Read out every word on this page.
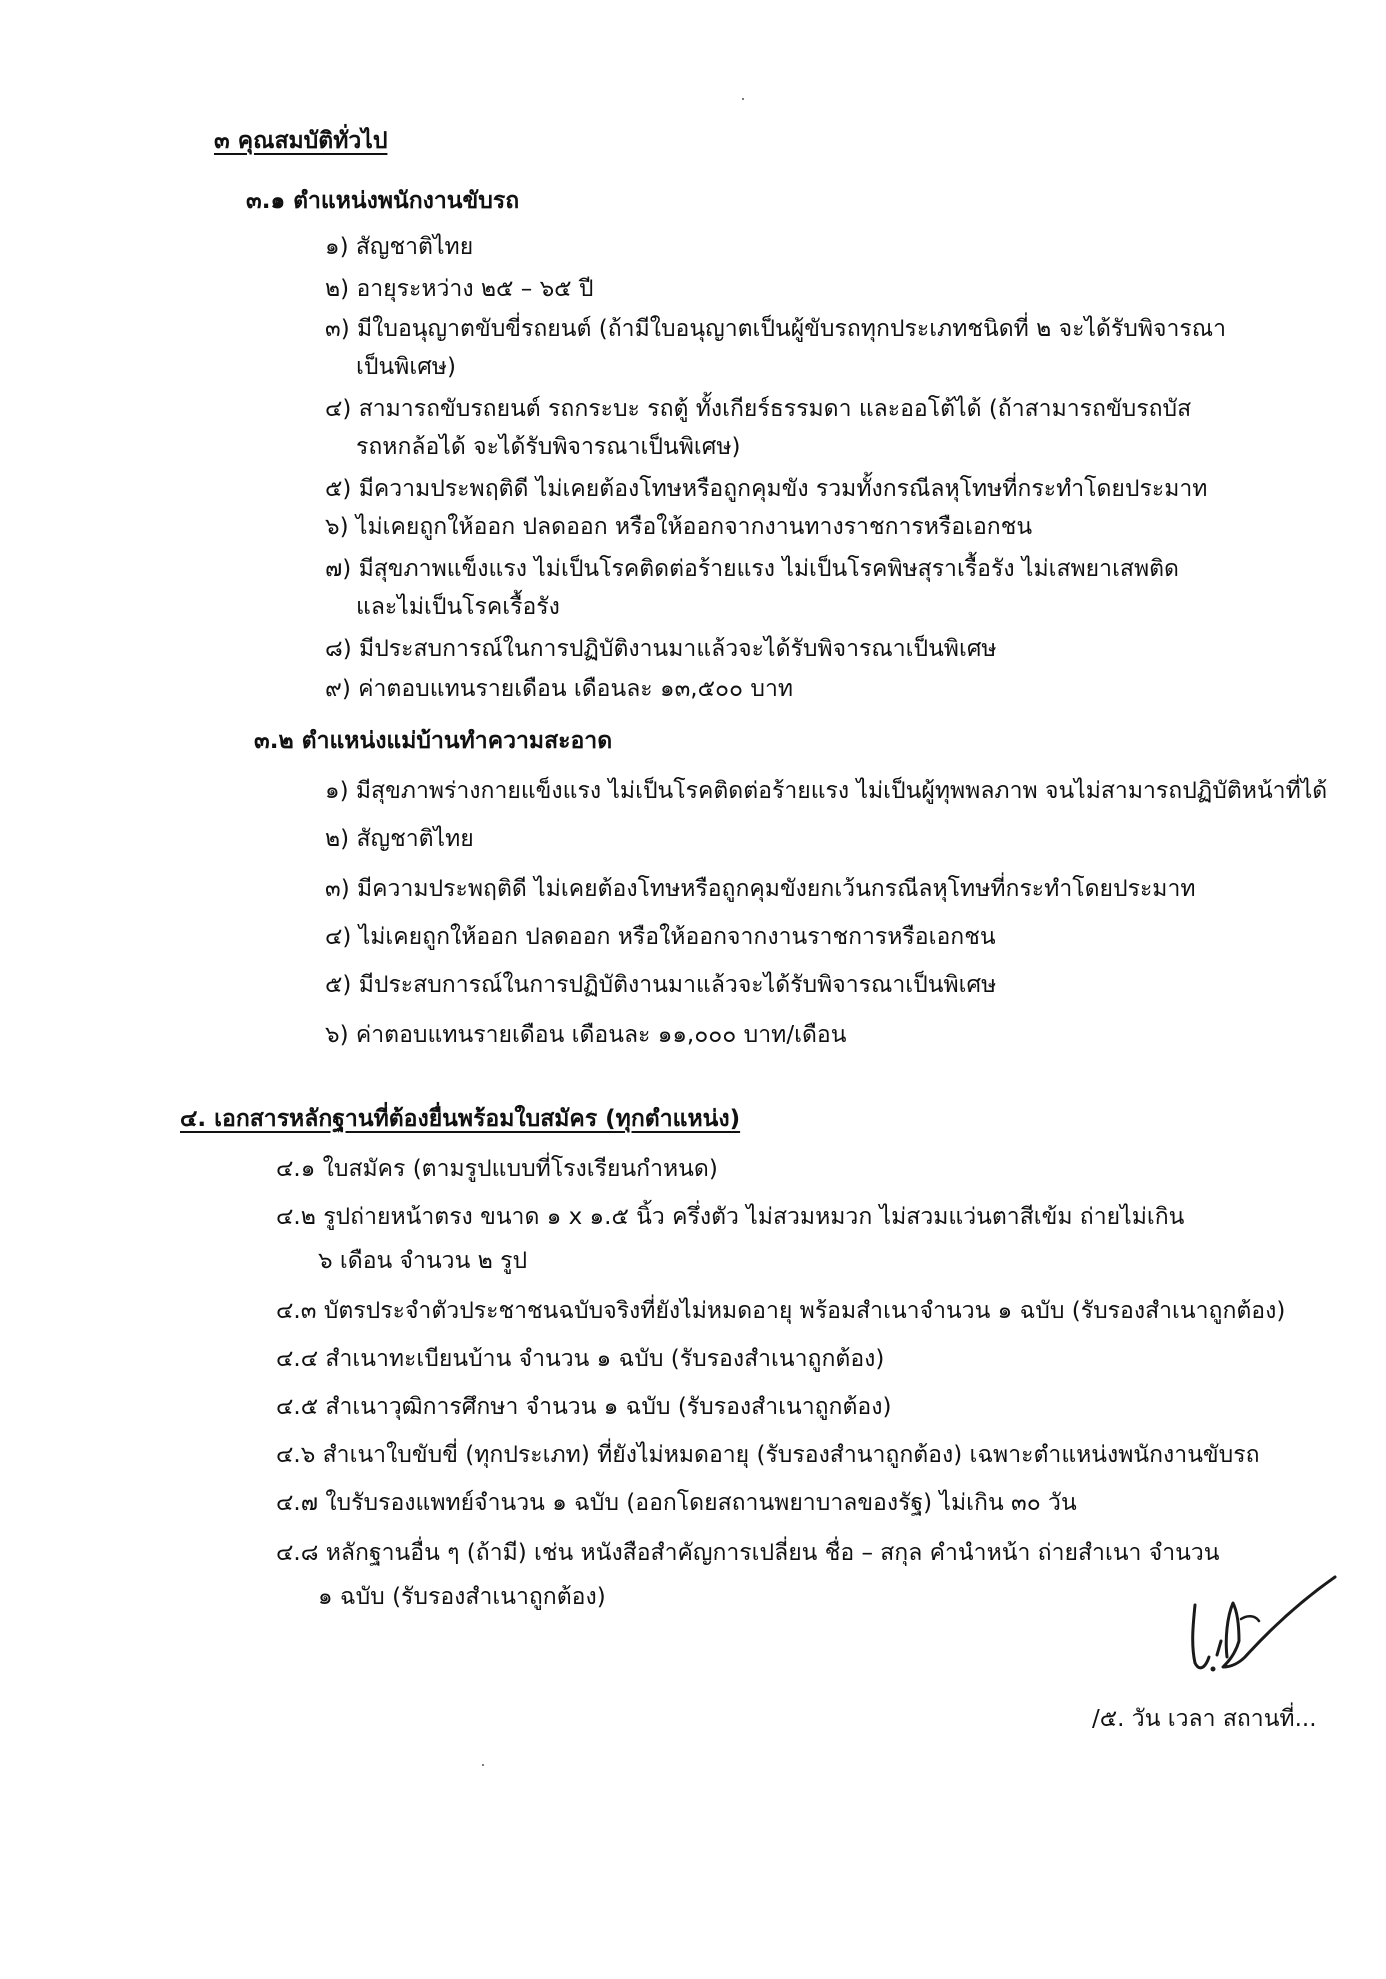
๓ คุณสมบัติทั่วไป
๓.๑ ตำแหน่งพนักงานขับรถ
๑) สัญชาติไทย
๒) อายุระหว่าง ๒๕ – ๖๕ ปี
๓) มีใบอนุญาตขับขี่รถยนต์ (ถ้ามีใบอนุญาตเป็นผู้ขับรถทุกประเภทชนิดที่ ๒ จะได้รับพิจารณา
เป็นพิเศษ)
๔) สามารถขับรถยนต์ รถกระบะ รถตู้ ทั้งเกียร์ธรรมดา และออโต้ได้ (ถ้าสามารถขับรถบัส
รถหกล้อได้ จะได้รับพิจารณาเป็นพิเศษ)
๕) มีความประพฤติดี ไม่เคยต้องโทษหรือถูกคุมขัง รวมทั้งกรณีลหุโทษที่กระทำโดยประมาท
๖) ไม่เคยถูกให้ออก ปลดออก หรือให้ออกจากงานทางราชการหรือเอกชน
๗) มีสุขภาพแข็งแรง ไม่เป็นโรคติดต่อร้ายแรง ไม่เป็นโรคพิษสุราเรื้อรัง ไม่เสพยาเสพติด
และไม่เป็นโรคเรื้อรัง
๘) มีประสบการณ์ในการปฏิบัติงานมาแล้วจะได้รับพิจารณาเป็นพิเศษ
๙) ค่าตอบแทนรายเดือน เดือนละ ๑๓,๕๐๐ บาท
๓.๒ ตำแหน่งแม่บ้านทำความสะอาด
๑) มีสุขภาพร่างกายแข็งแรง ไม่เป็นโรคติดต่อร้ายแรง ไม่เป็นผู้ทุพพลภาพ จนไม่สามารถปฏิบัติหน้าที่ได้
๒) สัญชาติไทย
๓) มีความประพฤติดี ไม่เคยต้องโทษหรือถูกคุมขังยกเว้นกรณีลหุโทษที่กระทำโดยประมาท
๔) ไม่เคยถูกให้ออก ปลดออก หรือให้ออกจากงานราชการหรือเอกชน
๕) มีประสบการณ์ในการปฏิบัติงานมาแล้วจะได้รับพิจารณาเป็นพิเศษ
๖) ค่าตอบแทนรายเดือน เดือนละ ๑๑,๐๐๐ บาท/เดือน
๔. เอกสารหลักฐานที่ต้องยื่นพร้อมใบสมัคร (ทุกตำแหน่ง)
๔.๑ ใบสมัคร (ตามรูปแบบที่โรงเรียนกำหนด)
๔.๒ รูปถ่ายหน้าตรง ขนาด ๑ x ๑.๕ นิ้ว ครึ่งตัว ไม่สวมหมวก ไม่สวมแว่นตาสีเข้ม ถ่ายไม่เกิน
๖ เดือน จำนวน ๒ รูป
๔.๓ บัตรประจำตัวประชาชนฉบับจริงที่ยังไม่หมดอายุ พร้อมสำเนาจำนวน ๑ ฉบับ (รับรองสำเนาถูกต้อง)
๔.๔ สำเนาทะเบียนบ้าน จำนวน ๑ ฉบับ (รับรองสำเนาถูกต้อง)
๔.๕ สำเนาวุฒิการศึกษา จำนวน ๑ ฉบับ (รับรองสำเนาถูกต้อง)
๔.๖ สำเนาใบขับขี่ (ทุกประเภท) ที่ยังไม่หมดอายุ (รับรองสำนาถูกต้อง) เฉพาะตำแหน่งพนักงานขับรถ
๔.๗ ใบรับรองแพทย์จำนวน ๑ ฉบับ (ออกโดยสถานพยาบาลของรัฐ) ไม่เกิน ๓๐ วัน
๔.๘ หลักฐานอื่น ๆ (ถ้ามี) เช่น หนังสือสำคัญการเปลี่ยน ชื่อ – สกุล คำนำหน้า ถ่ายสำเนา จำนวน
๑ ฉบับ (รับรองสำเนาถูกต้อง)
/๕. วัน เวลา สถานที่...
